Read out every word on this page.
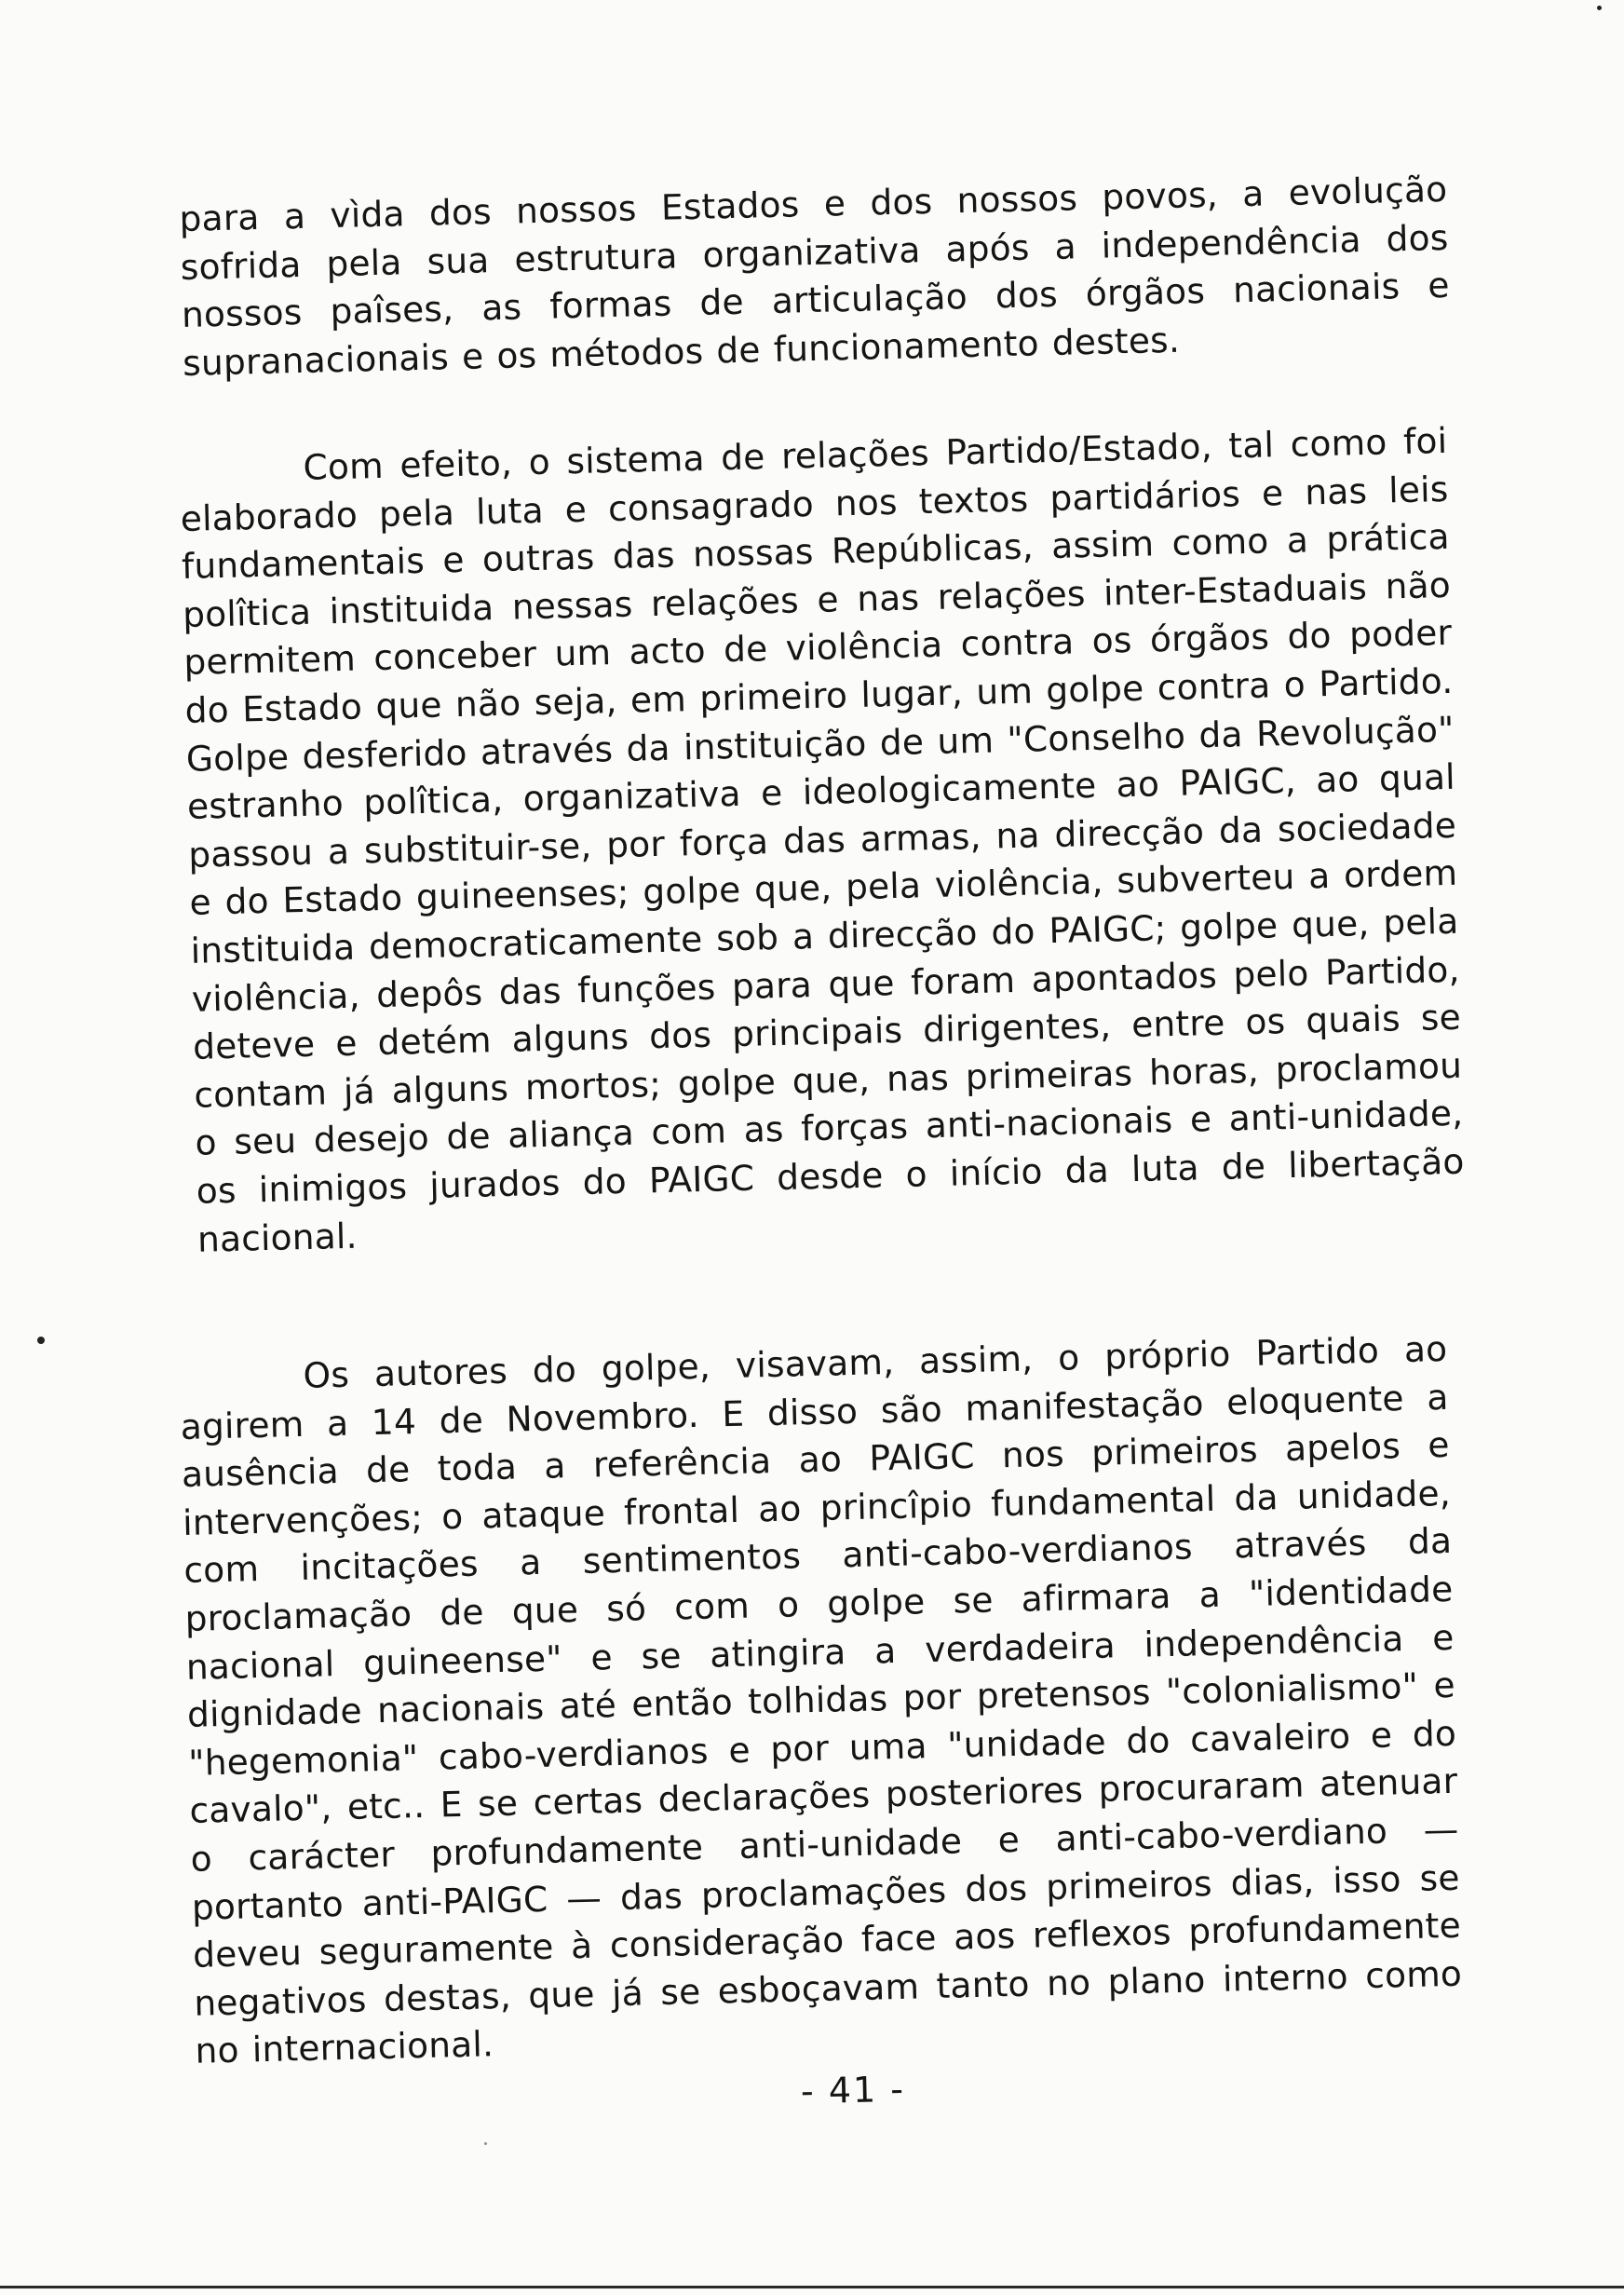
para a vìda dos nossos Estados e dos nossos povos, a evolução sofrida pela sua estrutura organizativa após a independência dos nossos paîses, as formas de articulação dos órgãos nacionais e supranacionais e os métodos de funcionamento destes.

Com efeito, o sistema de relações Partido/Estado, tal como foi elaborado pela luta e consagrado nos textos partidários e nas leis fundamentais e outras das nossas Repúblicas, assim como a prática polîtica instituida nessas relações e nas relações inter-Estaduais não permitem conceber um acto de violência contra os órgãos do poder do Estado que não seja, em primeiro lugar, um golpe contra o Partido. Golpe desferido através da instituição de um "Conselho da Revolução" estranho polîtica, organizativa e ideologicamente ao PAIGC, ao qual passou a substituir-se, por força das armas, na direcção da sociedade e do Estado guineenses; golpe que, pela violência, subverteu a ordem instituida democraticamente sob a direcção do PAIGC; golpe que, pela violência, depôs das funções para que foram apontados pelo Partido, deteve e detém alguns dos principais dirigentes, entre os quais se contam já alguns mortos; golpe que, nas primeiras horas, proclamou o seu desejo de aliança com as forças anti-nacionais e anti-unidade, os inimigos jurados do PAIGC desde o início da luta de libertação nacional.

Os autores do golpe, visavam, assim, o próprio Partido ao agirem a 14 de Novembro. E disso são manifestação eloquente a ausência de toda a referência ao PAIGC nos primeiros apelos e intervenções; o ataque frontal ao princîpio fundamental da unidade, com incitações a sentimentos anti-cabo-verdianos através da proclamação de que só com o golpe se afirmara a "identidade nacional guineense" e se atingira a verdadeira independência e dignidade nacionais até então tolhidas por pretensos "colonialismo" e "hegemonia" cabo-verdianos e por uma "unidade do cavaleiro e do cavalo", etc.. E se certas declarações posteriores procuraram atenuar o carácter profundamente anti-unidade e anti-cabo-verdiano — portanto anti-PAIGC — das proclamações dos primeiros dias, isso se deveu seguramente à consideração face aos reflexos profundamente negativos destas, que já se esboçavam tanto no plano interno como no internacional.

- 41 -
